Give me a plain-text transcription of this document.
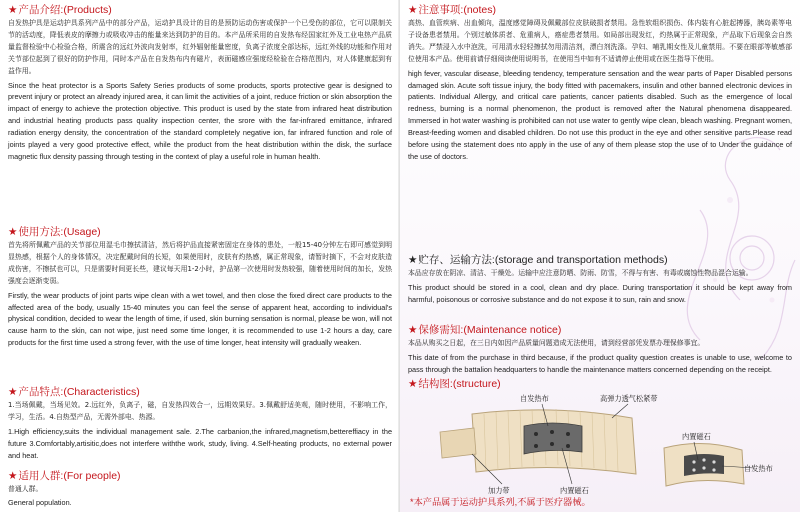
★产品介绍:(Products)

自发热护具是运动护具系列产品中的部分产品，运动护具设计的目的是预防运动伤害或保护一个已受伤的部位，它可以限制关节的活动度，降低表皮的摩擦力或吸收冲击的能量来达到防护的目的。本产品所采用的自发热布经国家红外及工业电热产品质量监督检验中心检验合格，所震含的远红外波向发射率，红外辐射能量密度，负离子浓度全部达标，远红外线的功能和作用对关节部位起到了很好的防护作用，同时本产品在自发热布内有磁片，表面磁感应强度经检验在合格范围内，对人体健康起到有益作用。

Since the heat protector is a Sports Safety Series products of some products, sports protective gear is designed to prevent injury or protect an already injured area, it can limit the activities of a joint, reduce friction or skin absorption the impact of energy to achieve the protection objective. This product is used by the state from infrared heat distribution and industrial heating products pass quality inspection center, the srore with the far-infrared emittance, infrared radiation energy density, the concentration of the standard completely negative ion, far infrared function and role of joints played a very good protective effect, while the product from the heat distribution within the disk, the surface magnetic flux density passing through testing in the context of play a useful role in human health.

★使用方法:(Usage)

首先将所佩戴产品的关节部位用湿毛巾擦拭清洁，然后将护品直接紧密固定在身体的患处，一般15-40分钟左右即可感觉到明显热感，根据个人的身体情况，决定配戴时间的长短，如果使用时，皮肤有灼热感，属正常现象，请暂时摘下，不会对皮肤造成伤害，不擦拭也可以，只是需要时间更长些，建议每天用1-2小时，护品第一次使用时发热较强，随着使用时间的加长，发热强度会逐渐变弱。

Firstly, the wear products of joint parts wipe clean with a wet towel, and then close the fixed direct care products to the affected area of the body, usually 15-40 minutes you can feel the sense of apparent heat, according to individual's physical condition, decided to wear the length of time, if used, skin burning sensation is normal, please be won, will not cause harm to the skin, can not wipe, just need some time longer, it is recommended to use 1-2 hours a day, care products for the first time used a strong fever, with the use of time longer, heat intensity will gradually weaken.

★产品特点:(Characteristics)

1.当场佩戴，当场见效。2.远红外，负离子，磁，自发热四效合一，远期效果好。3.佩戴舒适美观，随时使用，不影响工作，学习，生活。4.自热型产品，无需外部电、热源。

1.High efficiency,suits the individual management sale. 2.The carbanion,the infrared,magnetism,bettereffiacy in the future 3.Comfortably,artisitic,does not interfere withthe work, study, living. 4.Self-heating products, no external power and heat.

★适用人群:(For people)

普通人群。

General population.

★注意事项:(notes)

高热、血管疾病、出血倾向，温度感觉障碍及佩戴部位皮肤破损者禁用。急性软组织损伤、体内装有心脏起搏器，胰岛素等电子设备患者禁用。个别过敏体质者、危重病人，癌症患者禁用。如局部出现发红，灼热属于正常现象，产品取下后现象会自然消失。严禁浸入水中泡洗，可用清水轻轻擦拭勿用清洁剂，漂白剂洗涤。孕妇、哺乳期女性及儿童禁用。不要在眼部等敏感部位使用本产品。使用前请仔细阅读使用说明书，在使用当中如有不适请停止使用或在医生指导下使用。

high fever, vascular disease, bleeding tendency, temperature sensation and the wear parts of Paper Disabled persons damaged skin. Acute soft tissue injury, the body fitted with pacemakers, insulin and other banned electronic devices in patients. Individual Allergy, and critical care patients, cancer patients disabled. Such as the emergence of local redness, burning is a normal phenomenon, the product is removed after the Natural phenomena disappeared. Immersed in hot water washing is prohibited can not use water to gently wipe clean, bleach washing. Pregnant women, Breast-feeding women and disabled children. Do not use this product in the eye and other sensitive parts.Please read before using the statement does nto apply in the use of any of them please stop the use of to Under the guidance of the use of doctors.

★贮存、运输方法:(storage and transportation methods)

本品应存放在阴凉、清洁、干燥处。运输中应注意防晒、防雨、防雪，不得与有害、有毒或腐蚀性物品混合运输。

This product should be stored in a cool, clean and dry place. During transportation it should be kept away from harmful, poisonous or corrosive substance and do not expose it to sun, rain and snow.

★保修需知:(Maintenance notice)

本品从购买之日起，在三日内如因产品质量问题造成无法使用，请到经营部凭发票办理保修事宜。

This date of from the purchase in third because, if the product quality question creates is unable to use, welcome to pass through the battalion headquarters to handle the maintenance matters concerned depending on the receipt.

★结构图:(structure)
*本产品属于运动护具系列,不属于医疗器械。
自发热布	高弹力透气松紧带
内置磁石
自发热布
加力带	内置磁石
